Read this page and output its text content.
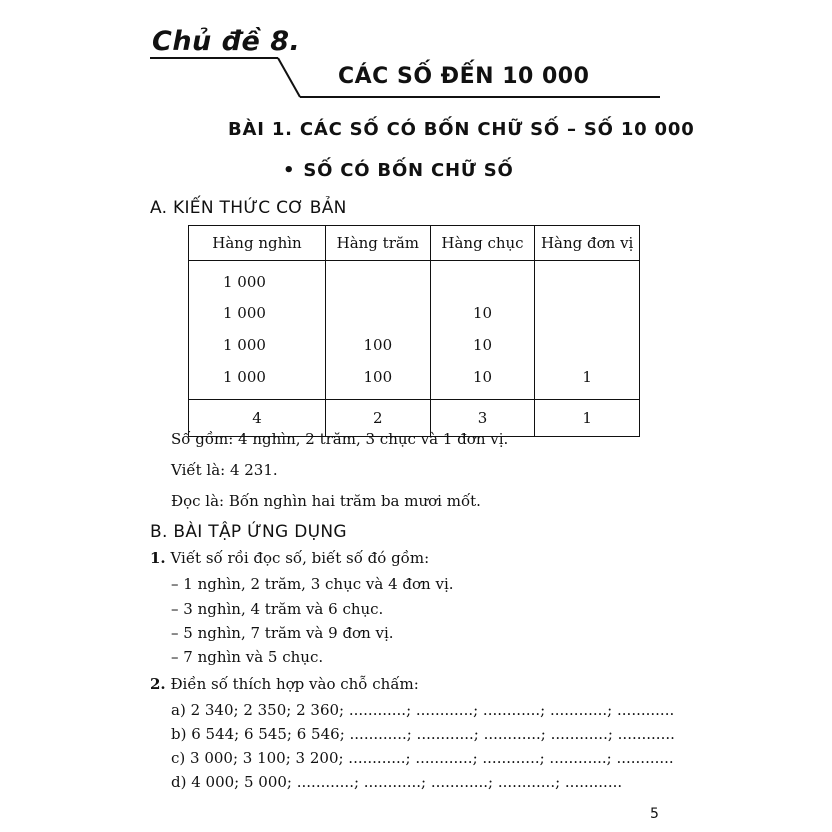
Chủ đề 8.
CÁC SỐ ĐẾN 10 000
BÀI 1. CÁC SỐ CÓ BỐN CHỮ SỐ – SỐ 10 000
• SỐ CÓ BỐN CHỮ SỐ
A. KIẾN THỨC CƠ BẢN
Hàng nghìn	Hàng trăm	Hàng chục	Hàng đơn vị
1 000			
1 000		10	
1 000	100	10	
1 000	100	10	1
4	2	3	1
Số gồm: 4 nghìn, 2 trăm, 3 chục và 1 đơn vị.
Viết là: 4 231.
Đọc là: Bốn nghìn hai trăm ba mươi mốt.
B. BÀI TẬP ỨNG DỤNG
1. Viết số rồi đọc số, biết số đó gồm:
– 1 nghìn, 2 trăm, 3 chục và 4 đơn vị.
– 3 nghìn, 4 trăm và 6 chục.
– 5 nghìn, 7 trăm và 9 đơn vị.
– 7 nghìn và 5 chục.
2. Điền số thích hợp vào chỗ chấm:
a) 2 340; 2 350; 2 360; ............; ............; ............; ............; ............
b) 6 544; 6 545; 6 546; ............; ............; ............; ............; ............
c) 3 000; 3 100; 3 200; ............; ............; ............; ............; ............
d) 4 000; 5 000; ............; ............; ............; ............; ............
5
